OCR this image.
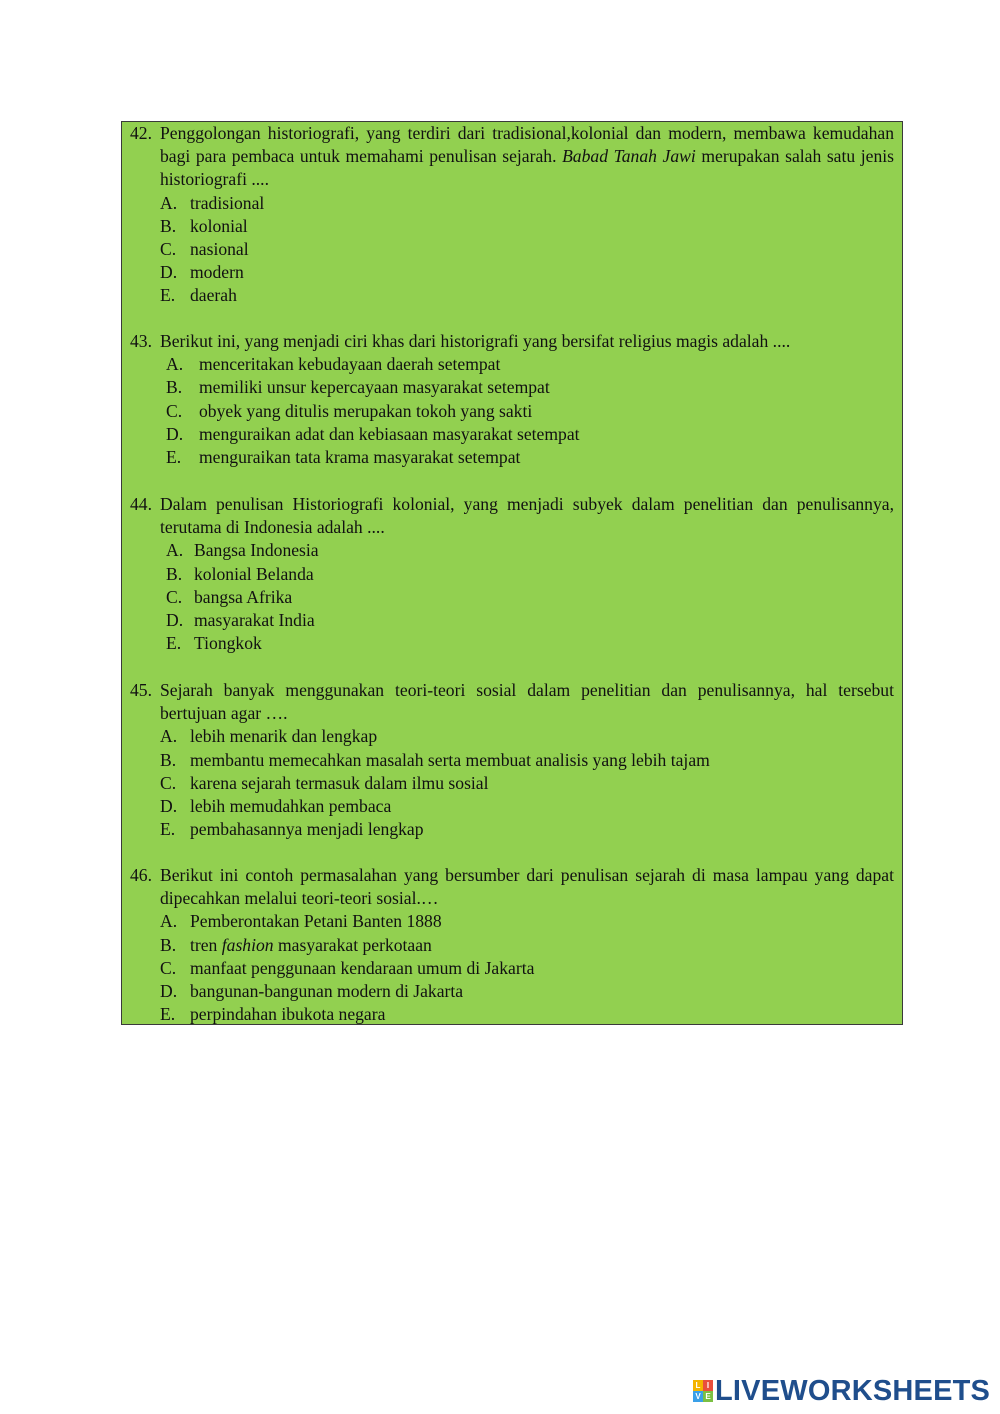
42. Penggolongan historiografi, yang terdiri dari tradisional,kolonial dan modern, membawa kemudahan bagi para pembaca untuk memahami penulisan sejarah. Babad Tanah Jawi merupakan salah satu jenis historiografi ....
A. tradisional
B. kolonial
C. nasional
D. modern
E. daerah
43. Berikut ini, yang menjadi ciri khas dari historigrafi yang bersifat religius magis adalah ....
A. menceritakan kebudayaan daerah setempat
B. memiliki unsur kepercayaan masyarakat setempat
C. obyek yang ditulis merupakan tokoh yang sakti
D. menguraikan adat dan kebiasaan masyarakat setempat
E.	menguraikan tata krama masyarakat setempat
44. Dalam penulisan Historiografi kolonial, yang menjadi subyek dalam penelitian dan penulisannya, terutama di Indonesia adalah ....
A. Bangsa Indonesia
B. kolonial Belanda
C. bangsa Afrika
D. masyarakat India
E. Tiongkok
45. Sejarah banyak menggunakan teori-teori sosial dalam penelitian dan penulisannya, hal tersebut bertujuan agar ….
A. lebih menarik dan lengkap
B. membantu memecahkan masalah serta membuat analisis yang lebih tajam
C. karena sejarah termasuk dalam ilmu sosial
D. lebih memudahkan pembaca
E. pembahasannya menjadi lengkap
46. Berikut ini contoh permasalahan yang bersumber dari penulisan sejarah di masa lampau yang dapat dipecahkan melalui teori-teori sosial.…
A. Pemberontakan Petani Banten 1888
B. tren fashion masyarakat perkotaan
C. manfaat penggunaan kendaraan umum di Jakarta
D. bangunan-bangunan modern di Jakarta
E. perpindahan ibukota negara
L I
V E LIVEWORKSHEETS
